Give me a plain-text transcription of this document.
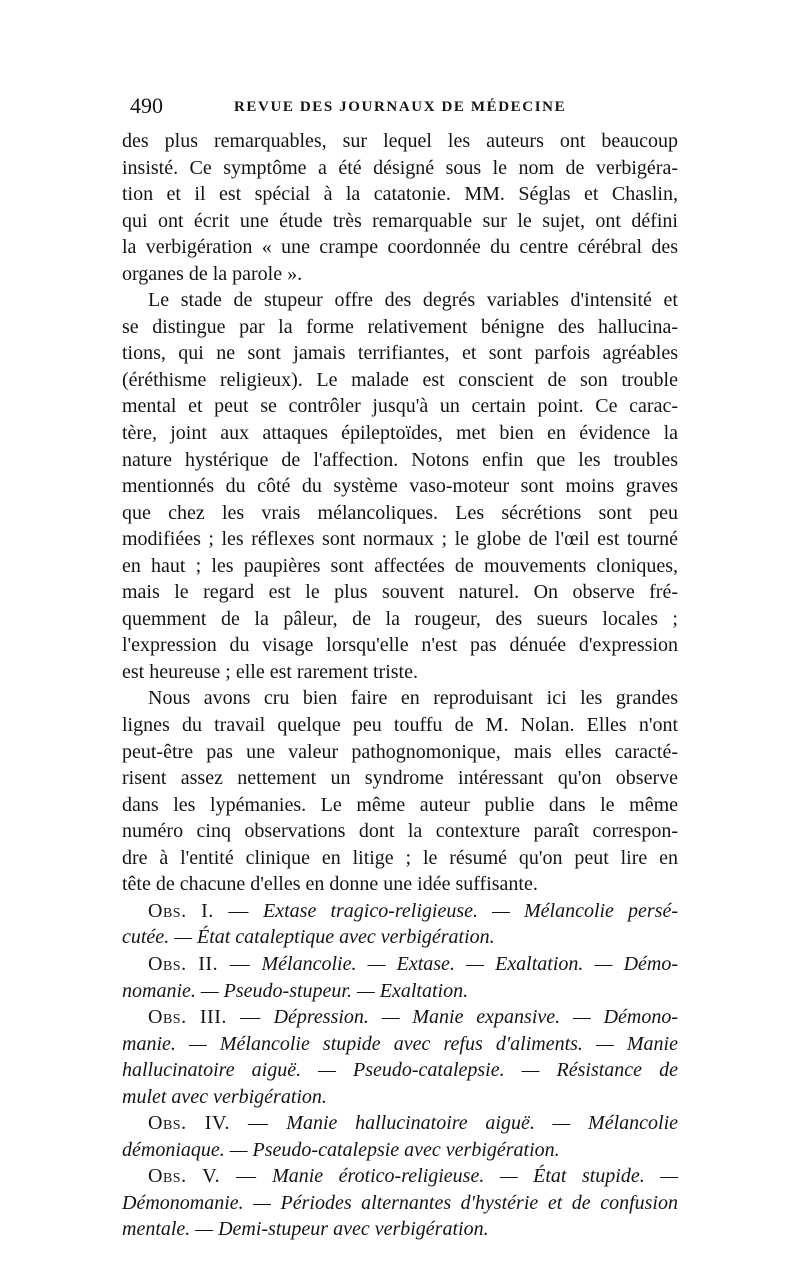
490	REVUE DES JOURNAUX DE MÉDECINE
des plus remarquables, sur lequel les auteurs ont beaucoup
insisté. Ce symptôme a été désigné sous le nom de verbigéra-
tion et il est spécial à la catatonie. MM. Séglas et Chaslin,
qui ont écrit une étude très remarquable sur le sujet, ont défini
la verbigération « une crampe coordonnée du centre cérébral des
organes de la parole ».
Le stade de stupeur offre des degrés variables d'intensité et
se distingue par la forme relativement bénigne des hallucina-
tions, qui ne sont jamais terrifiantes, et sont parfois agréables
(éréthisme religieux). Le malade est conscient de son trouble
mental et peut se contrôler jusqu'à un certain point. Ce carac-
tère, joint aux attaques épileptoïdes, met bien en évidence la
nature hystérique de l'affection. Notons enfin que les troubles
mentionnés du côté du système vaso-moteur sont moins graves
que chez les vrais mélancoliques. Les sécrétions sont peu
modifiées ; les réflexes sont normaux ; le globe de l'œil est tourné
en haut ; les paupières sont affectées de mouvements cloniques,
mais le regard est le plus souvent naturel. On observe fré-
quemment de la pâleur, de la rougeur, des sueurs locales ;
l'expression du visage lorsqu'elle n'est pas dénuée d'expression
est heureuse ; elle est rarement triste.
Nous avons cru bien faire en reproduisant ici les grandes
lignes du travail quelque peu touffu de M. Nolan. Elles n'ont
peut-être pas une valeur pathognomonique, mais elles caracté-
risent assez nettement un syndrome intéressant qu'on observe
dans les lypémanies. Le même auteur publie dans le même
numéro cinq observations dont la contexture paraît correspon-
dre à l'entité clinique en litige ; le résumé qu'on peut lire en
tête de chacune d'elles en donne une idée suffisante.
Obs. I. — Extase tragico-religieuse. — Mélancolie persé-
cutée. — État cataleptique avec verbigération.
Obs. II. — Mélancolie. — Extase. — Exaltation. — Démo-
nomanie. — Pseudo-stupeur. — Exaltation.
Obs. III. — Dépression. — Manie expansive. — Démono-
manie. — Mélancolie stupide avec refus d'aliments. — Manie
hallucinatoire aiguë. — Pseudo-catalepsie. — Résistance de
mulet avec verbigération.
Obs. IV. — Manie hallucinatoire aiguë. — Mélancolie
démoniaque. — Pseudo-catalepsie avec verbigération.
Obs. V. — Manie érotico-religieuse. — État stupide. —
Démonomanie. — Périodes alternantes d'hystérie et de confusion
mentale. — Demi-stupeur avec verbigération.
